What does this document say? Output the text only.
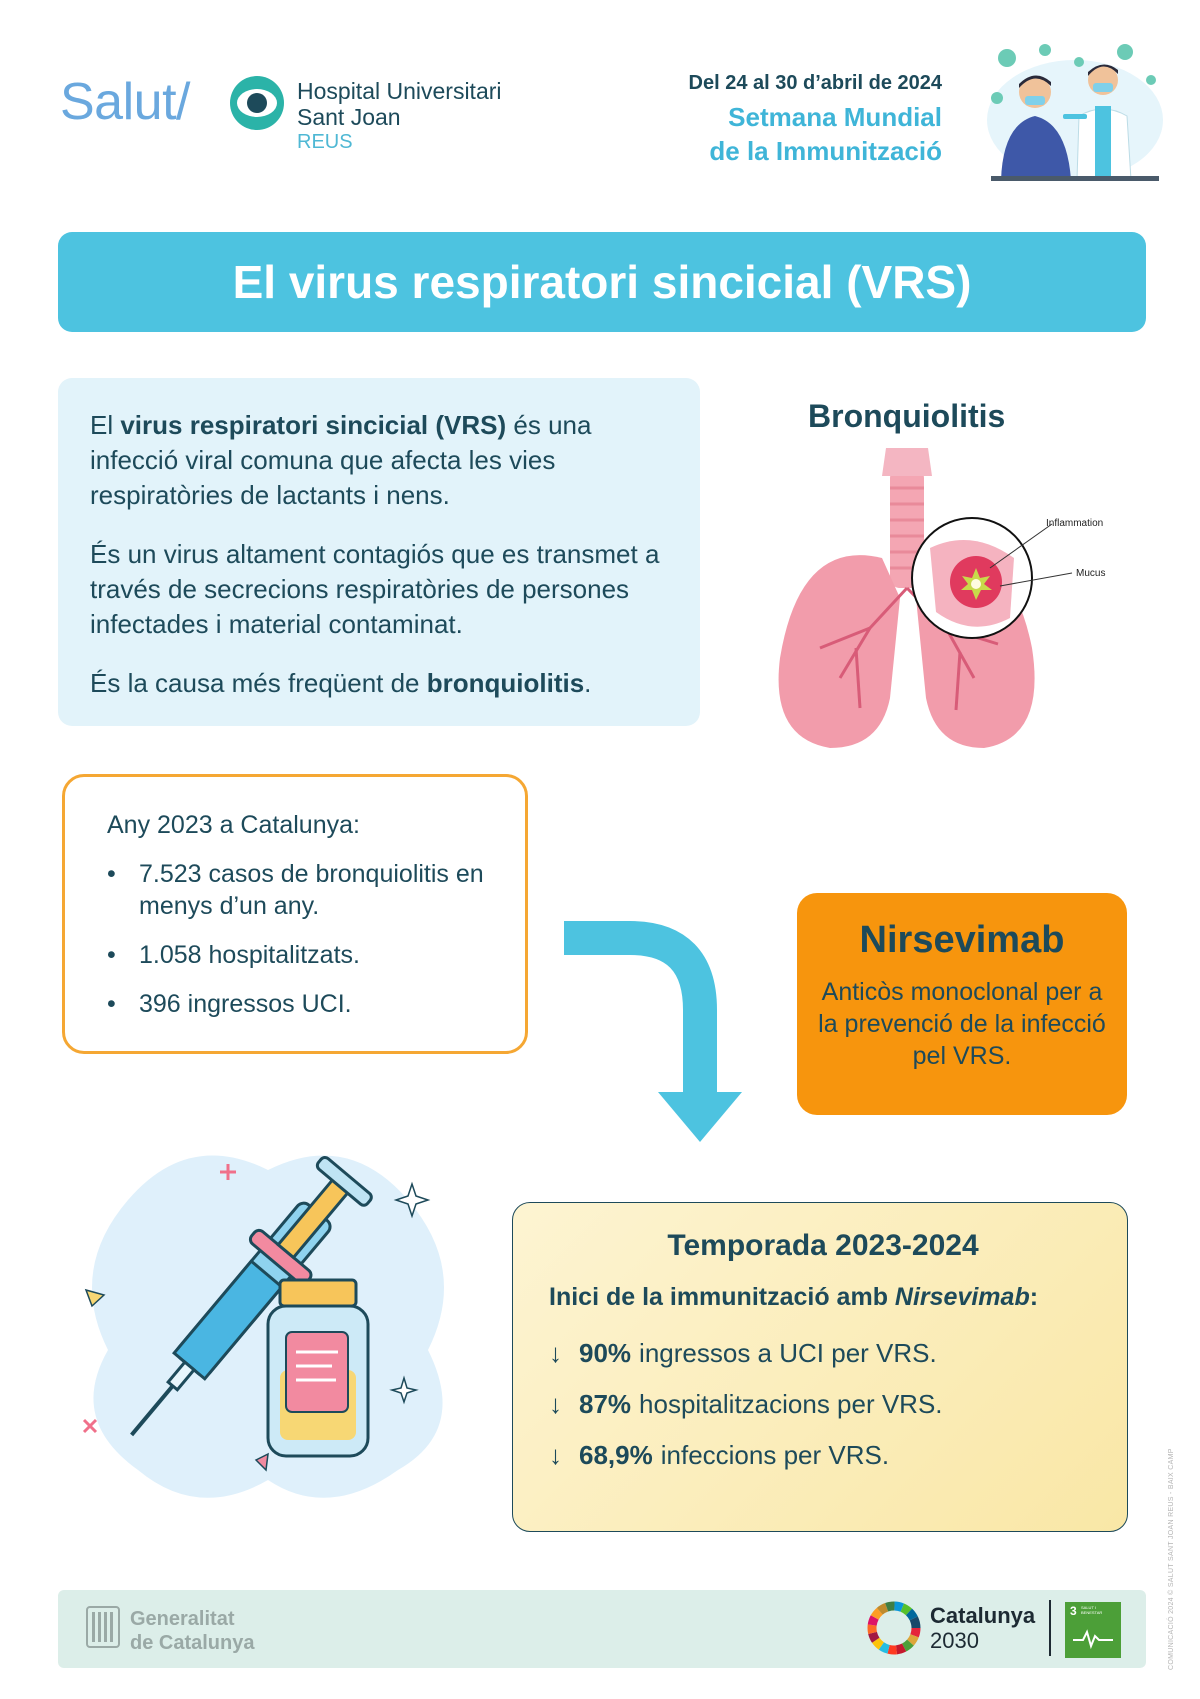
Salut/	Hospital Universitari
Sant Joan
REUS
Del 24 al 30 d’abril de 2024
Setmana Mundial
de la Immunització
El virus respiratori sincicial (VRS)

El virus respiratori sincicial (VRS) és una infecció viral comuna que afecta les vies respiratòries de lactants i nens.

És un virus altament contagiós que es transmet a través de secrecions respiratòries de persones infectades i material contaminat.

És la causa més freqüent de bronquiolitis.

Bronquiolitis
Inflammation
Mucus
Any 2023 a Catalunya:
• 7.523 casos de bronquiolitis en menys d’un any.
• 1.058 hospitalitzats.
• 396 ingressos UCI.
Nirsevimab
Anticòs monoclonal per a la prevenció de la infecció pel VRS.
Temporada 2023-2024
Inici de la immunització amb Nirsevimab:
↓ 90% ingressos a UCI per VRS.
↓ 87% hospitalitzacions per VRS.
↓ 68,9% infeccions per VRS.
Generalitat
de Catalunya
Catalunya
2030
3 SALUT I BENESTAR	COMUNICACIÓ 2024 © SALUT SANT JOAN REUS - BAIX CAMP
